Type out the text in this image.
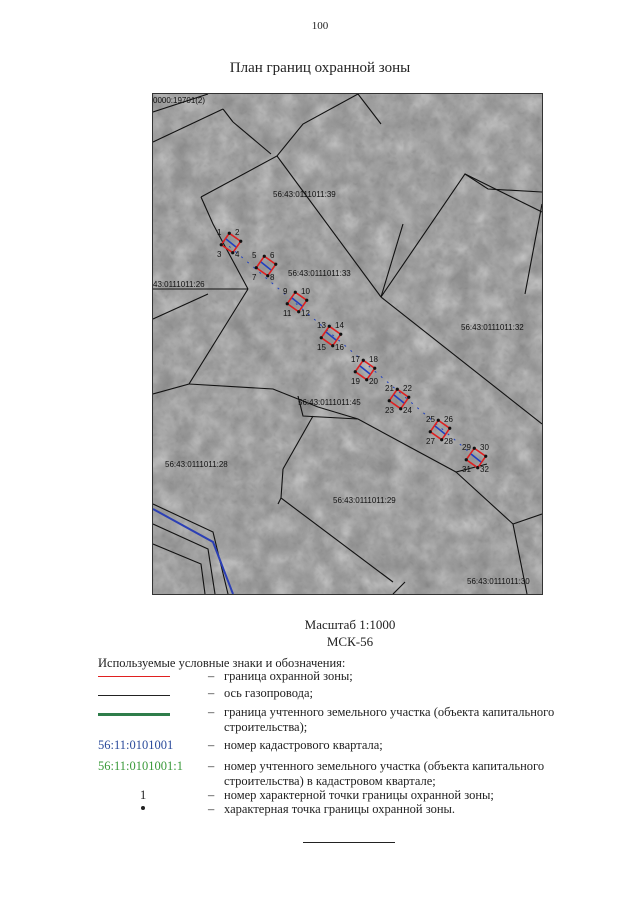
100
План границ охранной зоны
0000:19701(2)
56:43:0111011:39
56:43:0111011:33
43:0111011:26
56:43:0111011:32
56:43:0111011:45
56:43:0111011:28
56:43:0111011:29
56:43:0111011:30
1 2
3 4 5 6
7 8
9 10
11 12
13 14
15 16
17 18
19 20
21 22
23 24
25 26
27 28
29 30
31 32
Масштаб 1:1000
МСК-56
Используемые условные знаки и обозначения:
– граница охранной зоны;
– ось газопровода;
– граница учтенного земельного участка (объекта капитального строительства);
56:11:0101001	– номер кадастрового квартала;
56:11:0101001:1	– номер учтенного земельного участка (объекта капитального строительства) в кадастровом квартале;
1	– номер характерной точки границы охранной зоны;
– характерная точка границы охранной зоны.
